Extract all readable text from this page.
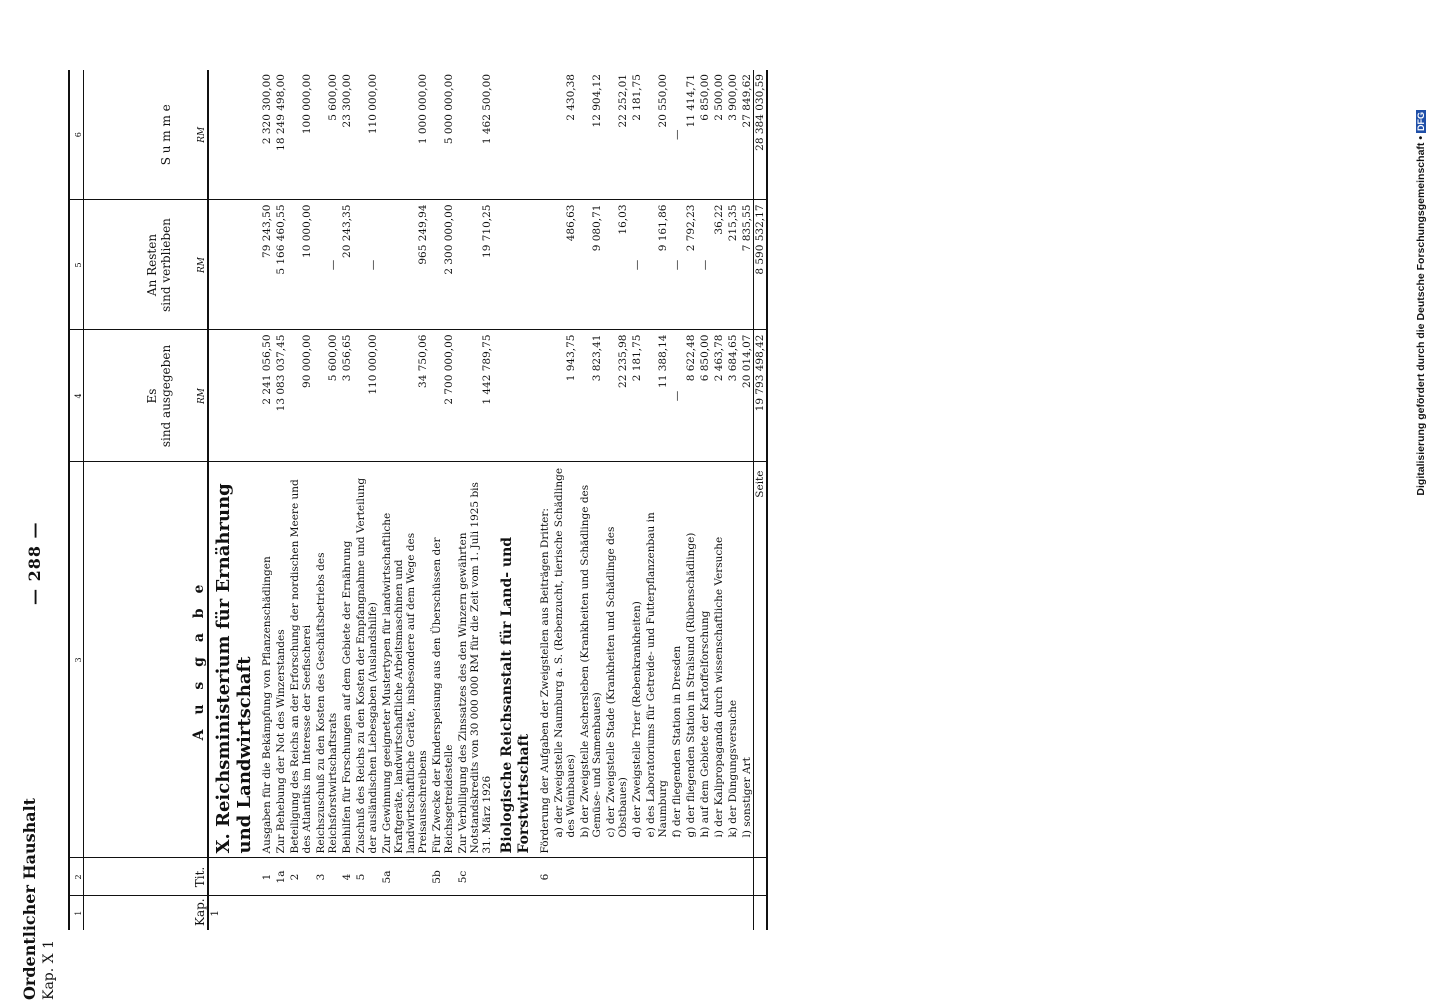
Ordentlicher Haushalt Kap. X 1
— 288 —
1	2	3	4	5	6
Kap.	Tit.	A u s g a b e	Es
sind ausgegeben RM	An Resten
sind verblieben RM	S u m m e RM

1		X. Reichsministerium für Ernährung und Landwirtschaft			
	1	Ausgaben für die Bekämpfung von Pflanzenschädlingen	2 241 056,50	79 243,50	2 320 300,00
	1a	Zur Behebung der Not des Winzerstandes	13 083 037,45	5 166 460,55	18 249 498,00
	2	Beteiligung des Reichs an der Erforschung der nordischen Meere und des Atlantiks im Interesse der Seefischerei	90 000,00	10 000,00	100 000,00
	3	Reichszuschuß zu den Kosten des Geschäftsbetriebs des Reichsforstwirtschaftsrats	5 600,00	—	5 600,00
	4	Beihilfen für Forschungen auf dem Gebiete der Ernährung	3 056,65	20 243,35	23 300,00
	5	Zuschuß des Reichs zu den Kosten der Empfangnahme und Verteilung der ausländischen Liebesgaben (Auslandshilfe)	110 000,00	—	110 000,00
	5a	Zur Gewinnung geeigneter Mustertypen für landwirtschaftliche Kraftgeräte, landwirtschaftliche Arbeitsmaschinen und landwirtschaftliche Geräte, insbesondere auf dem Wege des Preisausschreibens	34 750,06	965 249,94	1 000 000,00
	5b	Für Zwecke der Kinderspeisung aus den Überschüssen der Reichsgetreidestelle	2 700 000,00	2 300 000,00	5 000 000,00
	5c	Zur Verbilligung des Zinssatzes des den Winzern gewährten Notstandskredits von 30 000 000 RM für die Zeit vom 1. Juli 1925 bis 31. März 1926	1 442 789,75	19 710,25	1 462 500,00
		Biologische Reichsanstalt für Land- und Forstwirtschaft			
	6	Förderung der Aufgaben der Zweigstellen aus Beiträgen Dritter:			
		a) der Zweigstelle Naumburg a. S. (Rebenzucht, tierische Schädlinge des Weinbaues)	1 943,75	486,63	2 430,38
		b) der Zweigstelle Aschersleben (Krankheiten und Schädlinge des Gemüse- und Samenbaues)	3 823,41	9 080,71	12 904,12
		c) der Zweigstelle Stade (Krankheiten und Schädlinge des Obstbaues)	22 235,98	16,03	22 252,01
		d) der Zweigstelle Trier (Rebenkrankheiten)	2 181,75	—	2 181,75
		e) des Laboratoriums für Getreide- und Futterpflanzenbau in Naumburg	11 388,14	9 161,86	20 550,00
		f) der fliegenden Station in Dresden	—	—	—
		g) der fliegenden Station in Stralsund (Rübenschädlinge)	8 622,48	2 792,23	11 414,71
		h) auf dem Gebiete der Kartoffelforschung	6 850,00	—	6 850,00
		i) der Kalipropaganda durch wissenschaftliche Versuche	2 463,78	36,22	2 500,00
		k) der Düngungsversuche	3 684,65	215,35	3 900,00
		l) sonstiger Art	20 014,07	7 835,55	27 849,62
		Seite	19 793 498,42	8 590 532,17	28 384 030,59
Digitalisierung gefördert durch die Deutsche Forschungsgemeinschaft •DFG
